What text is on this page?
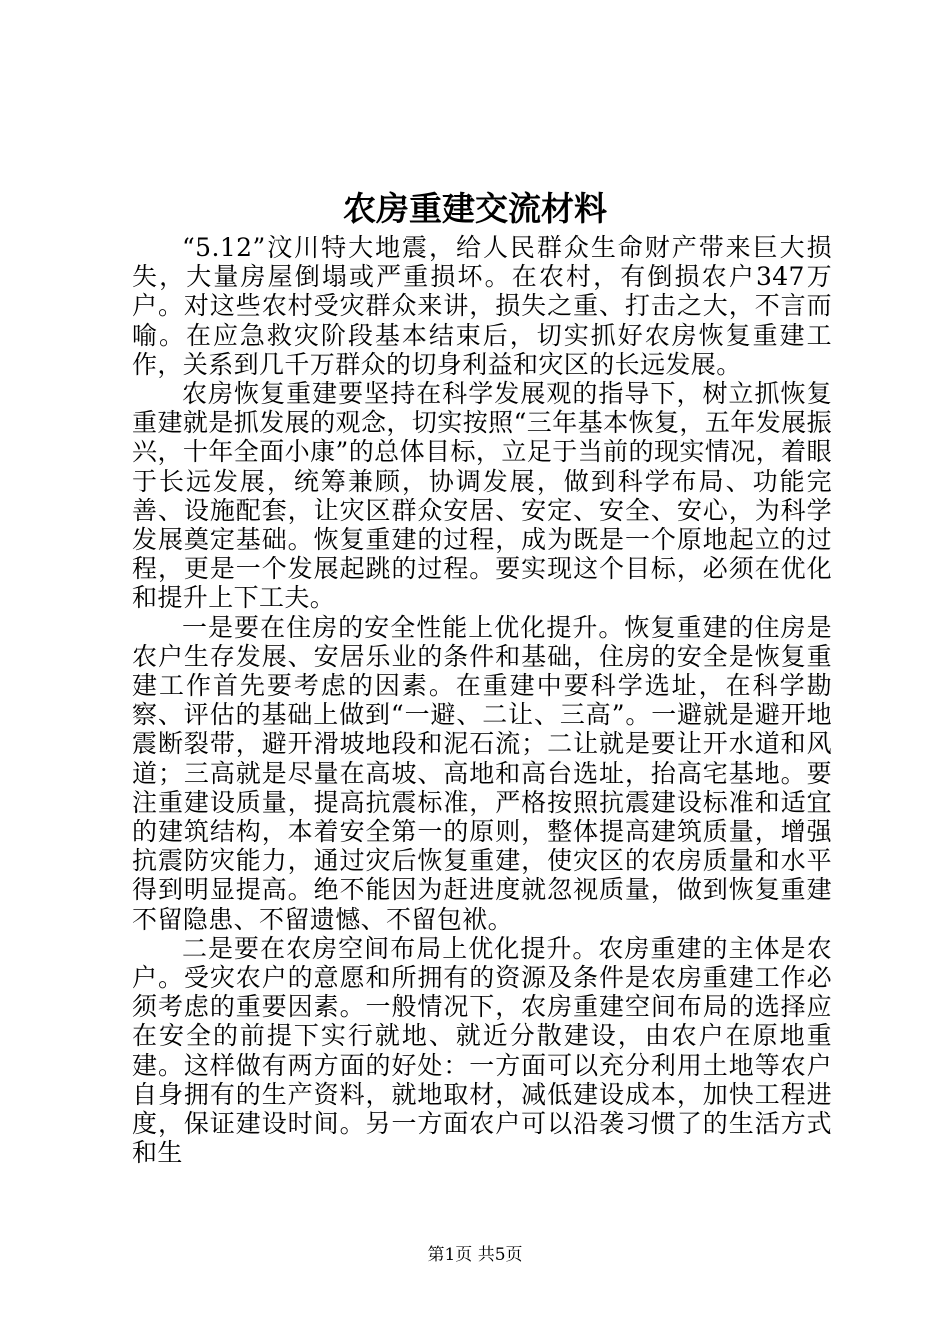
农房重建交流材料

“5.12”汶川特大地震，给人民群众生命财产带来巨大损失，大量房屋倒塌或严重损坏。在农村，有倒损农户347万户。对这些农村受灾群众来讲，损失之重、打击之大，不言而喻。在应急救灾阶段基本结束后，切实抓好农房恢复重建工作，关系到几千万群众的切身利益和灾区的长远发展。

农房恢复重建要坚持在科学发展观的指导下，树立抓恢复重建就是抓发展的观念，切实按照“三年基本恢复，五年发展振兴，十年全面小康”的总体目标，立足于当前的现实情况，着眼于长远发展，统筹兼顾，协调发展，做到科学布局、功能完善、设施配套，让灾区群众安居、安定、安全、安心，为科学发展奠定基础。恢复重建的过程，成为既是一个原地起立的过程，更是一个发展起跳的过程。要实现这个目标，必须在优化和提升上下工夫。

一是要在住房的安全性能上优化提升。恢复重建的住房是农户生存发展、安居乐业的条件和基础，住房的安全是恢复重建工作首先要考虑的因素。在重建中要科学选址，在科学勘察、评估的基础上做到“一避、二让、三高”。一避就是避开地震断裂带，避开滑坡地段和泥石流；二让就是要让开水道和风道；三高就是尽量在高坡、高地和高台选址，抬高宅基地。要注重建设质量，提高抗震标准，严格按照抗震建设标准和适宜的建筑结构，本着安全第一的原则，整体提高建筑质量，增强抗震防灾能力，通过灾后恢复重建，使灾区的农房质量和水平得到明显提高。绝不能因为赶进度就忽视质量，做到恢复重建不留隐患、不留遗憾、不留包袱。

二是要在农房空间布局上优化提升。农房重建的主体是农户。受灾农户的意愿和所拥有的资源及条件是农房重建工作必须考虑的重要因素。一般情况下，农房重建空间布局的选择应在安全的前提下实行就地、就近分散建设，由农户在原地重建。这样做有两方面的好处：一方面可以充分利用土地等农户自身拥有的生产资料，就地取材，减低建设成本，加快工程进度，保证建设时间。另一方面农户可以沿袭习惯了的生活方式和生

第1页 共5页
